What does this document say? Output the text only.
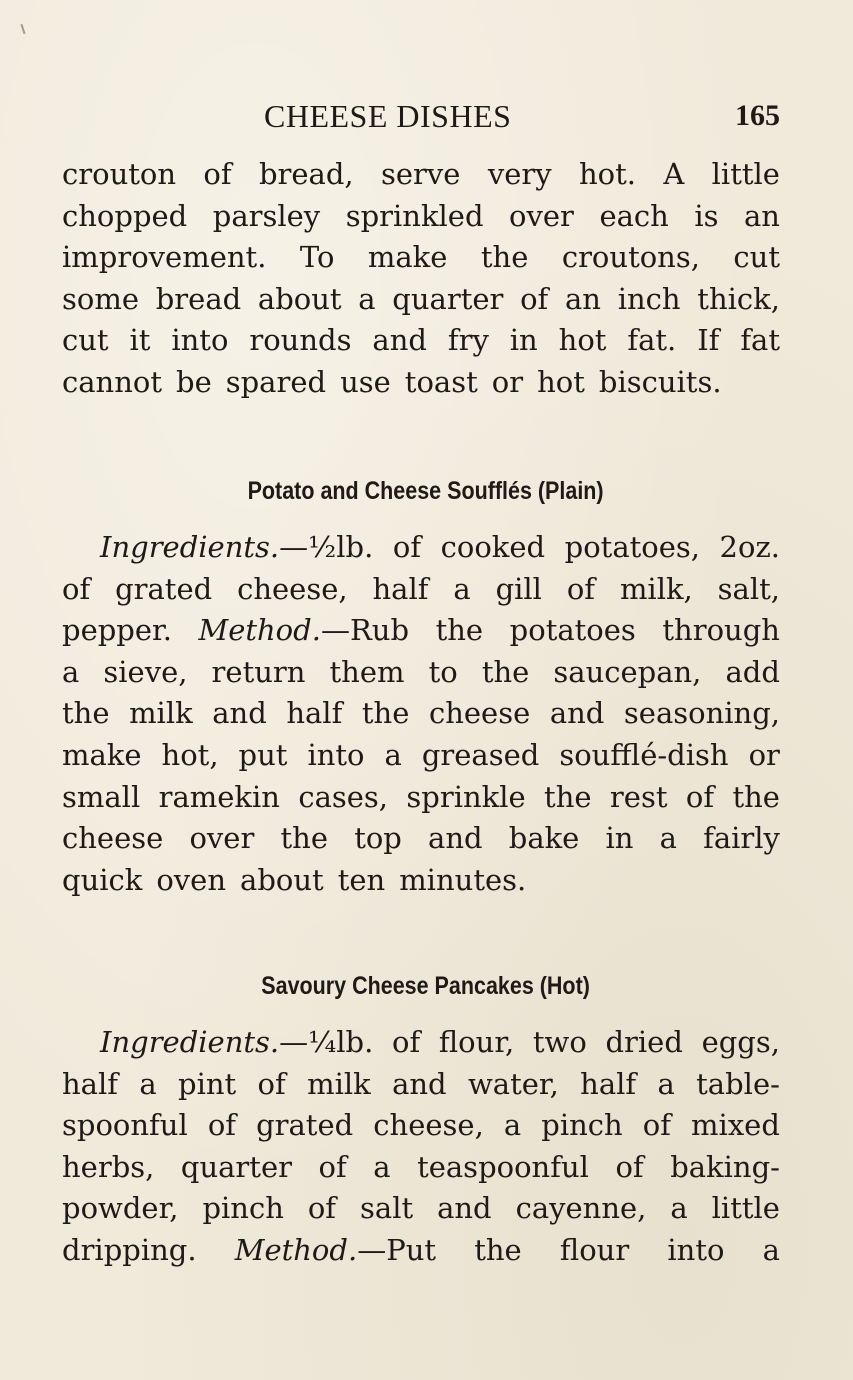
CHEESE DISHES	165
crouton of bread, serve very hot. A little
chopped parsley sprinkled over each is an
improvement. To make the croutons, cut
some bread about a quarter of an inch thick,
cut it into rounds and fry in hot fat. If fat
cannot be spared use toast or hot biscuits.
Potato and Cheese Soufflés (Plain)
Ingredients.—½lb. of cooked potatoes, 2oz.
of grated cheese, half a gill of milk, salt,
pepper. Method.—Rub the potatoes through
a sieve, return them to the saucepan, add
the milk and half the cheese and seasoning,
make hot, put into a greased soufflé-dish or
small ramekin cases, sprinkle the rest of the
cheese over the top and bake in a fairly
quick oven about ten minutes.
Savoury Cheese Pancakes (Hot)
Ingredients.—¼lb. of flour, two dried eggs,
half a pint of milk and water, half a table-
spoonful of grated cheese, a pinch of mixed
herbs, quarter of a teaspoonful of baking-
powder, pinch of salt and cayenne, a little
dripping. Method.—Put the flour into a
